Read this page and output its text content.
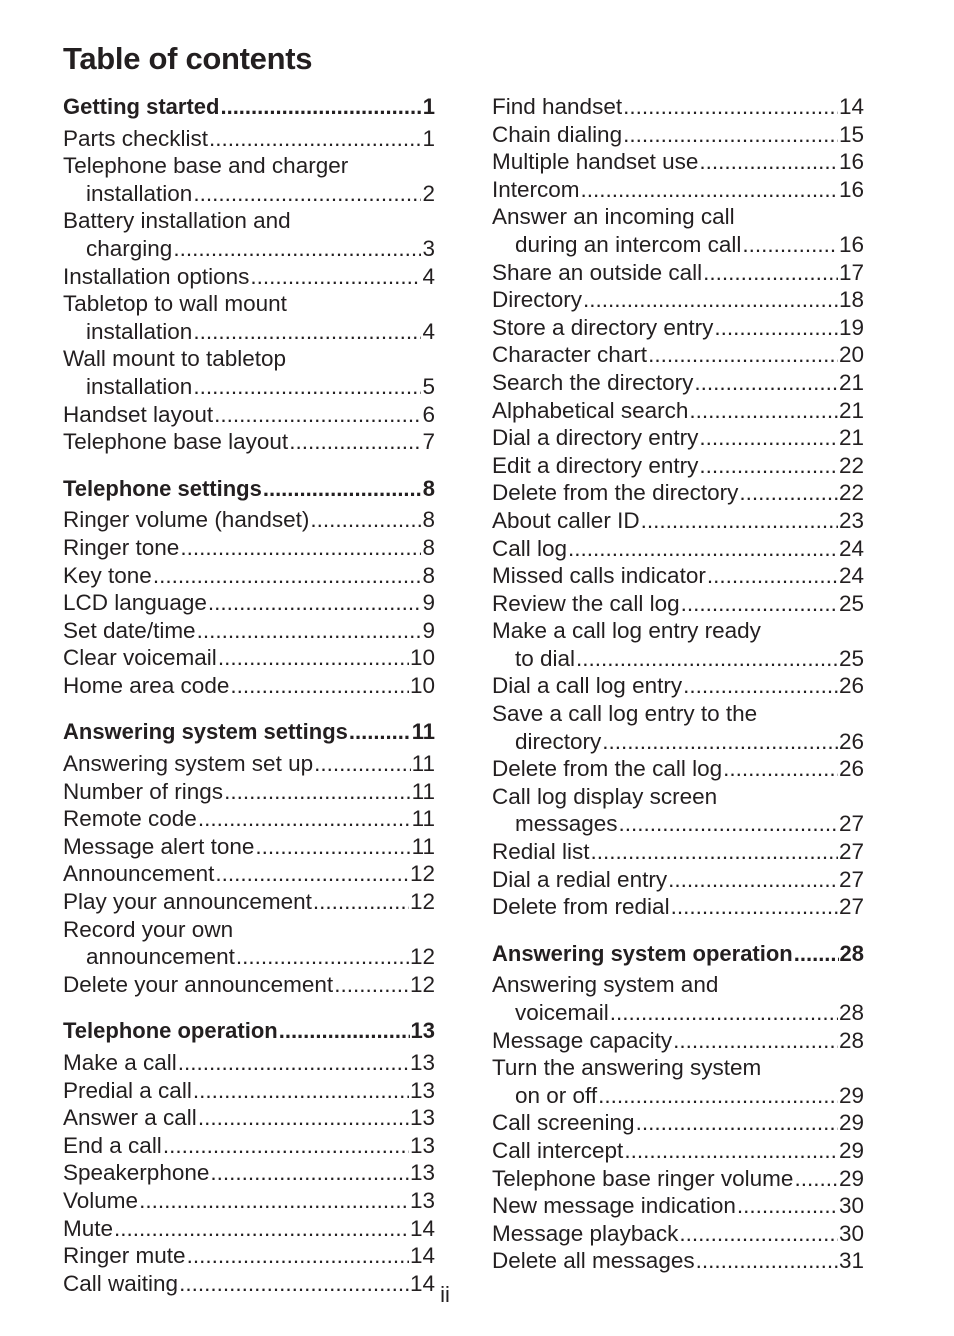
Table of contents
Getting started .....	1
Parts checklist .....	1
Telephone base and charger
installation .....	2
Battery installation and
charging .....	3
Installation options .....	4
Tabletop to wall mount
installation .....	4
Wall mount to tabletop
installation .....	5
Handset layout .....	6
Telephone base layout .....	7
Telephone settings .....	8
Ringer volume (handset) .....	8
Ringer tone .....	8
Key tone .....	8
LCD language .....	9
Set date/time .....	9
Clear voicemail .....	10
Home area code .....	10
Answering system settings .....	11
Answering system set up .....	11
Number of rings .....	11
Remote code .....	11
Message alert tone .....	11
Announcement .....	12
Play your announcement .....	12
Record your own
announcement .....	12
Delete your announcement .....	12
Telephone operation .....	13
Make a call .....	13
Predial a call .....	13
Answer a call .....	13
End a call .....	13
Speakerphone .....	13
Volume .....	13
Mute .....	14
Ringer mute .....	14
Call waiting .....	14
Find handset .....	14
Chain dialing .....	15
Multiple handset use .....	16
Intercom .....	16
Answer an incoming call
during an intercom call .....	16
Share an outside call .....	17
Directory .....	18
Store a directory entry .....	19
Character chart .....	20
Search the directory .....	21
Alphabetical search .....	21
Dial a directory entry .....	21
Edit a directory entry .....	22
Delete from the directory .....	22
About caller ID .....	23
Call log .....	24
Missed calls indicator .....	24
Review the call log .....	25
Make a call log entry ready
to dial .....	25
Dial a call log entry .....	26
Save a call log entry to the
directory .....	26
Delete from the call log .....	26
Call log display screen
messages .....	27
Redial list .....	27
Dial a redial entry .....	27
Delete from redial .....	27
Answering system operation ..... 28
Answering system and
voicemail .....	28
Message capacity .....	28
Turn the answering system
on or off .....	29
Call screening .....	29
Call intercept .....	29
Telephone base ringer volume ..... 29
New message indication .....	30
Message playback .....	30
Delete all messages .....	31
ii
